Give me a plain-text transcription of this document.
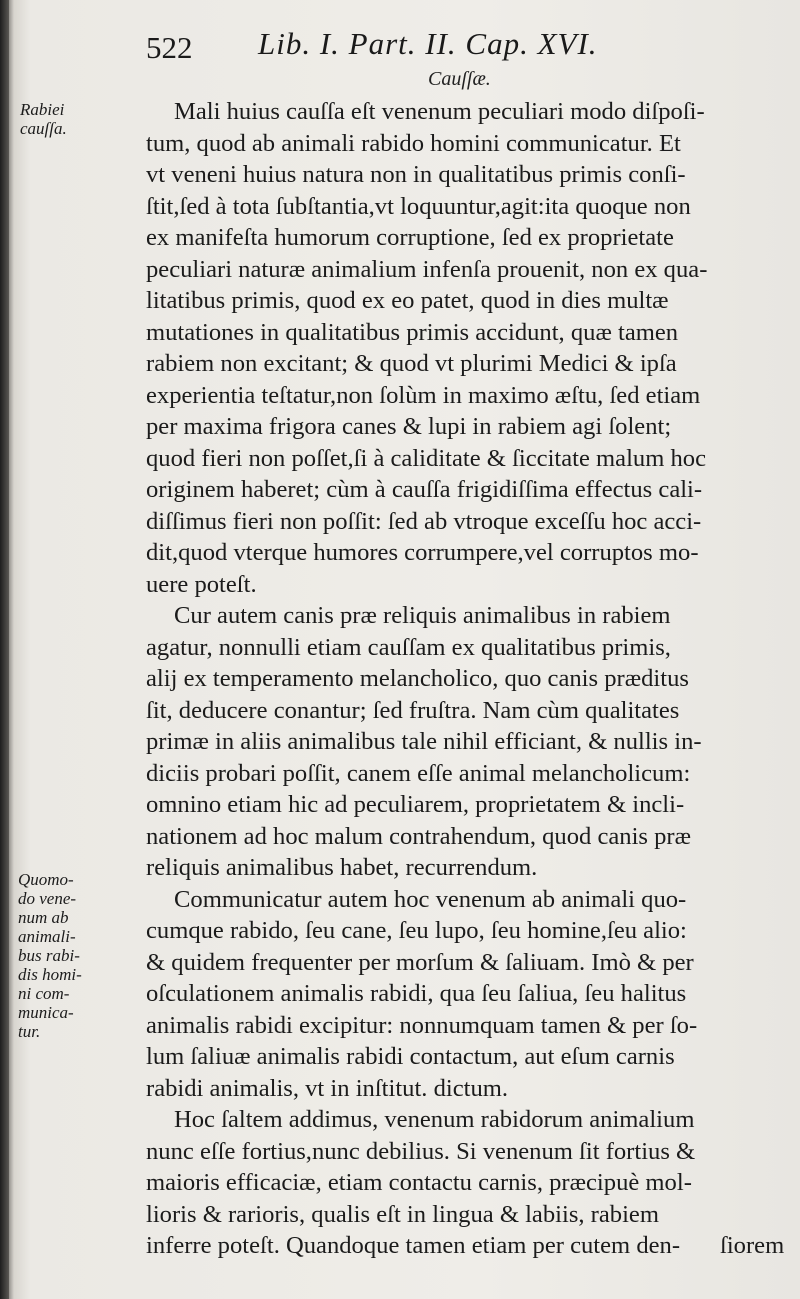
522 Lib. I. Part. II. Cap. XVI.
Cauſſæ.
Rabiei
cauſſa.
Quomo-
do vene-
num ab
animali-
bus rabi-
dis homi-
ni com-
munica-
tur.
Mali huius cauſſa eſt venenum peculiari modo diſpoſi-
tum, quod ab animali rabido homini communicatur. Et
vt veneni huius natura non in qualitatibus primis conſi-
ſtit,ſed à tota ſubſtantia,vt loquuntur,agit:ita quoque non
ex manifeſta humorum corruptione, ſed ex proprietate
peculiari naturæ animalium infenſa prouenit, non ex qua-
litatibus primis, quod ex eo patet, quod in dies multæ
mutationes in qualitatibus primis accidunt, quæ tamen
rabiem non excitant; & quod vt plurimi Medici & ipſa
experientia teſtatur,non ſolùm in maximo æſtu, ſed etiam
per maxima frigora canes & lupi in rabiem agi ſolent;
quod fieri non poſſet,ſi à caliditate & ſiccitate malum hoc
originem haberet; cùm à cauſſa frigidiſſima effectus cali-
diſſimus fieri non poſſit: ſed ab vtroque exceſſu hoc acci-
dit,quod vterque humores corrumpere,vel corruptos mo-
uere poteſt.
Cur autem canis præ reliquis animalibus in rabiem
agatur, nonnulli etiam cauſſam ex qualitatibus primis,
alij ex temperamento melancholico, quo canis præditus
ſit, deducere conantur; ſed fruſtra. Nam cùm qualitates
primæ in aliis animalibus tale nihil efficiant, & nullis in-
diciis probari poſſit, canem eſſe animal melancholicum:
omnino etiam hic ad peculiarem, proprietatem & incli-
nationem ad hoc malum contrahendum, quod canis præ
reliquis animalibus habet, recurrendum.
Communicatur autem hoc venenum ab animali quo-
cumque rabido, ſeu cane, ſeu lupo, ſeu homine,ſeu alio:
& quidem frequenter per morſum & ſaliuam. Imò & per
oſculationem animalis rabidi, qua ſeu ſaliua, ſeu halitus
animalis rabidi excipitur: nonnumquam tamen & per ſo-
lum ſaliuæ animalis rabidi contactum, aut eſum carnis
rabidi animalis, vt in inſtitut. dictum.
Hoc ſaltem addimus, venenum rabidorum animalium
nunc eſſe fortius,nunc debilius. Si venenum ſit fortius &
maioris efficaciæ, etiam contactu carnis, præcipuè mol-
lioris & rarioris, qualis eſt in lingua & labiis, rabiem
inferre poteſt. Quandoque tamen etiam per cutem den-	ſiorem
